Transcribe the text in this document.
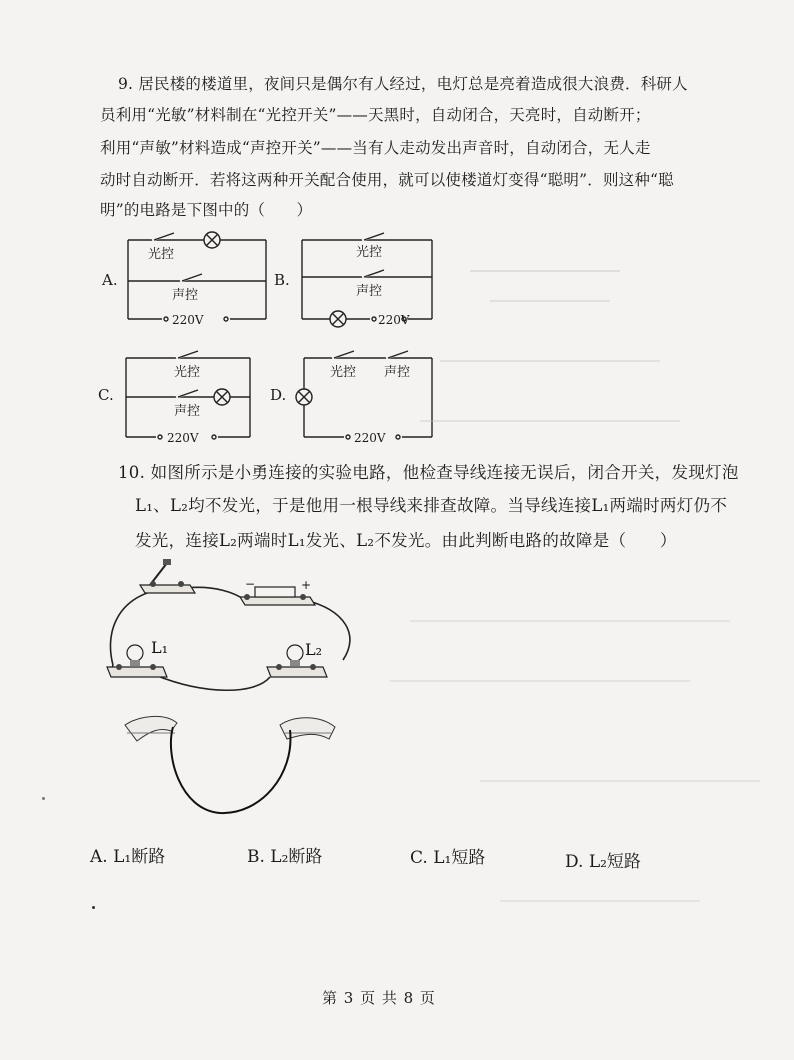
9. 居民楼的楼道里，夜间只是偶尔有人经过，电灯总是亮着造成很大浪费．科研人
员利用“光敏”材料制在“光控开关”——天黑时，自动闭合，天亮时，自动断开；
利用“声敏”材料造成“声控开关”——当有人走动发出声音时，自动闭合，无人走
动时自动断开．若将这两种开关配合使用，就可以使楼道灯变得“聪明”．则这种“聪
明”的电路是下图中的（　　）
A.
光控
声控
220V
B.
光控
声控
220V
C.
光控
声控
220V
D.
光控 声控
220V
10. 如图所示是小勇连接的实验电路，他检查导线连接无误后，闭合开关，发现灯泡
L₁、L₂均不发光，于是他用一根导线来排查故障。当导线连接L₁两端时两灯仍不
发光，连接L₂两端时L₁发光、L₂不发光。由此判断电路的故障是（　　）
−	+
L₁	L₂
A. L₁断路	B. L₂断路	C. L₁短路	D. L₂短路
第 3 页 共 8 页
